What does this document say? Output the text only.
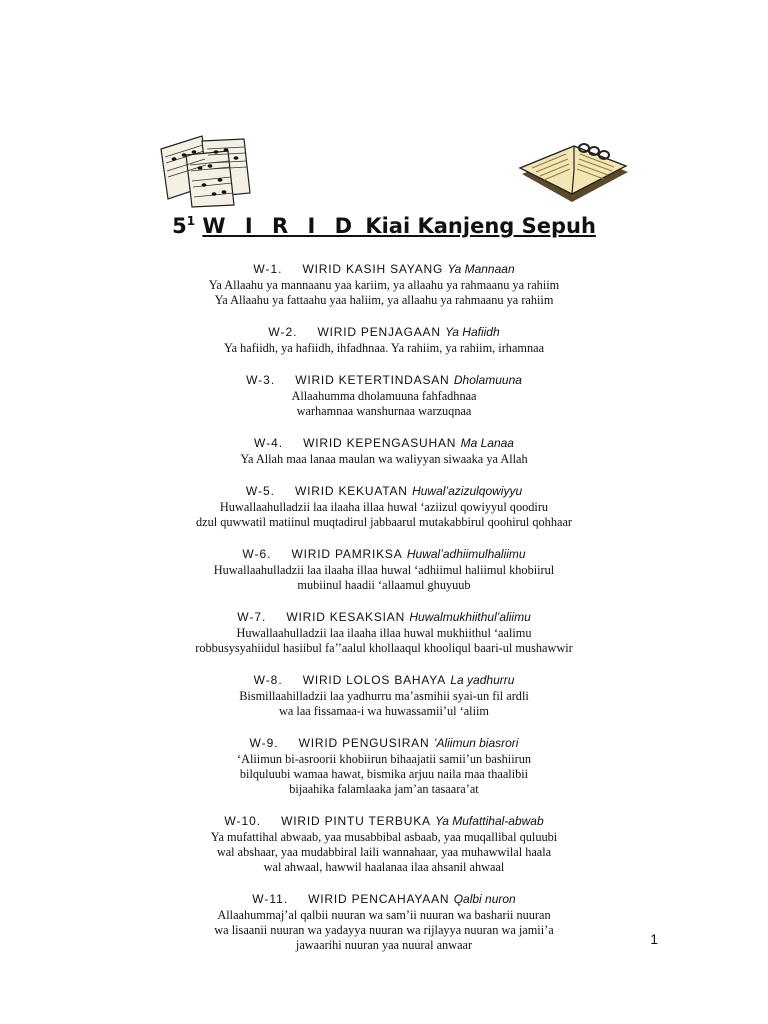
$5^1$ W I R I D Kiai Kanjeng Sepuh
W-1. WIRID KASIH SAYANG Ya Mannaan
Ya Allaahu ya mannaanu yaa kariim, ya allaahu ya rahmaanu ya rahiim
Ya Allaahu ya fattaahu yaa haliim, ya allaahu ya rahmaanu ya rahiim
W-2. WIRID PENJAGAAN Ya Hafiidh
Ya hafiidh, ya hafiidh, ihfadhnaa. Ya rahiim, ya rahiim, irhamnaa
W-3. WIRID KETERTINDASAN Dholamuuna
Allaahumma dholamuuna fahfadhnaa
warhamnaa wanshurnaa warzuqnaa
W-4. WIRID KEPENGASUHAN Ma Lanaa
Ya Allah maa lanaa maulan wa waliyyan siwaaka ya Allah
W-5. WIRID KEKUATAN Huwal’azizulqowiyyu
Huwallaahulladzii laa ilaaha illaa huwal ‘aziizul qowiyyul qoodiru
dzul quwwatil matiinul muqtadirul jabbaarul mutakabbirul qoohirul qohhaar
W-6. WIRID PAMRIKSA Huwal’adhiimulhaliimu
Huwallaahulladzii laa ilaaha illaa huwal ‘adhiimul haliimul khobiirul
mubiinul haadii ‘allaamul ghuyuub
W-7. WIRID KESAKSIAN Huwalmukhiithul’aliimu
Huwallaahulladzii laa ilaaha illaa huwal mukhiithul ‘aalimu
robbusysyahiidul hasiibul fa’’aalul khollaaqul khooliqul baari-ul mushawwir
W-8. WIRID LOLOS BAHAYA La yadhurru
Bismillaahilladzii laa yadhurru ma’asmihii syai-un fil ardli
wa laa fissamaa-i wa huwassamii’ul ‘aliim
W-9. WIRID PENGUSIRAN ’Aliimun biasrori
‘Aliimun bi-asroorii khobiirun bihaajatii samii’un bashiirun
bilquluubi wamaa hawat, bismika arjuu naila maa thaalibii
bijaahika falamlaaka jam’an tasaara’at
W-10. WIRID PINTU TERBUKA Ya Mufattihal-abwab
Ya mufattihal abwaab, yaa musabbibal asbaab, yaa muqallibal quluubi
wal abshaar, yaa mudabbiral laili wannahaar, yaa muhawwilal haala
wal ahwaal, hawwil haalanaa ilaa ahsanil ahwaal
W-11. WIRID PENCAHAYAAN Qalbi nuron
Allaahummaj’al qalbii nuuran wa sam’ii nuuran wa basharii nuuran
wa lisaanii nuuran wa yadayya nuuran wa rijlayya nuuran wa jamii’a
jawaarihi nuuran yaa nuural anwaar	1
